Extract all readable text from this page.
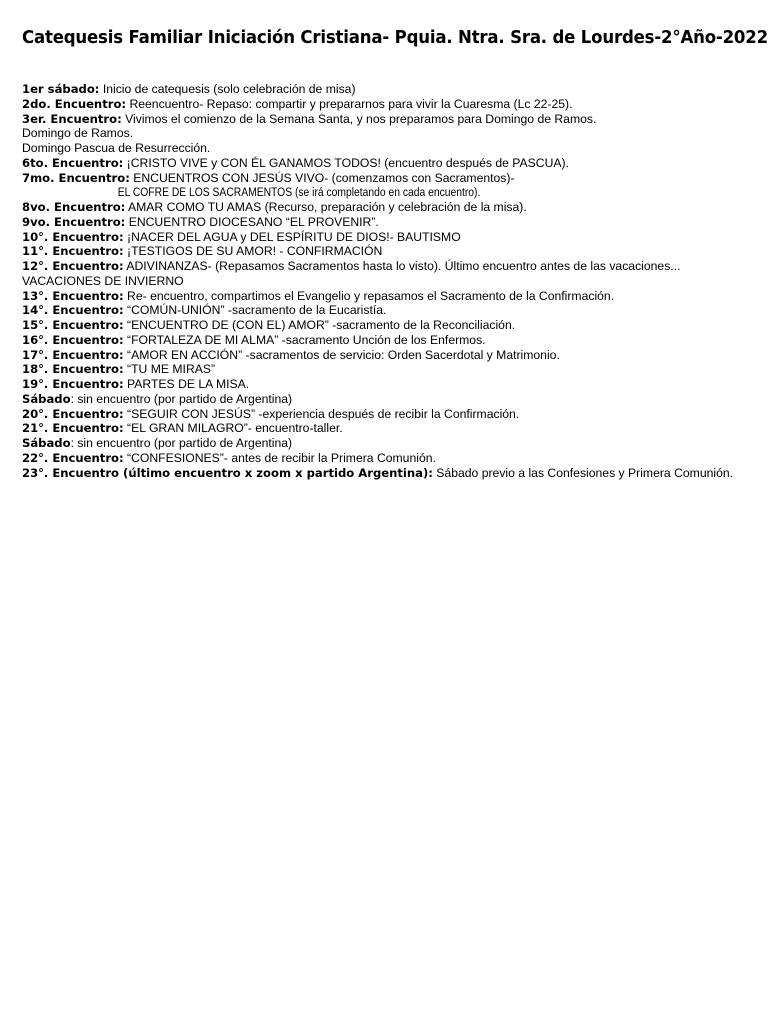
Catequesis Familiar Iniciación Cristiana- Pquia. Ntra. Sra. de Lourdes-2°Año-2022
1er sábado: Inicio de catequesis (solo celebración de misa)
2do. Encuentro: Reencuentro- Repaso: compartir y prepararnos para vivir la Cuaresma (Lc 22-25).
3er. Encuentro: Vivimos el comienzo de la Semana Santa, y nos preparamos para Domingo de Ramos.
Domingo de Ramos.
Domingo Pascua de Resurrección.
6to. Encuentro: ¡CRISTO VIVE y CON ÉL GANAMOS TODOS! (encuentro después de PASCUA).
7mo. Encuentro: ENCUENTROS CON JESÚS VIVO- (comenzamos con Sacramentos)-
EL COFRE DE LOS SACRAMENTOS (se irá completando en cada encuentro).
8vo. Encuentro: AMAR COMO TU AMAS (Recurso, preparación y celebración de la misa).
9vo. Encuentro: ENCUENTRO DIOCESANO “EL PROVENIR”.
10°. Encuentro: ¡NACER DEL AGUA y DEL ESPÍRITU DE DIOS!- BAUTISMO
11°. Encuentro: ¡TESTIGOS DE SU AMOR! - CONFIRMACIÓN
12°. Encuentro: ADIVINANZAS- (Repasamos Sacramentos hasta lo visto). Último encuentro antes de las vacaciones...
VACACIONES DE INVIERNO
13°. Encuentro: Re- encuentro, compartimos el Evangelio y repasamos el Sacramento de la Confirmación.
14°. Encuentro: “COMÚN-UNIÓN” -sacramento de la Eucaristía.
15°. Encuentro: “ENCUENTRO DE (CON EL) AMOR” -sacramento de la Reconciliación.
16°. Encuentro: “FORTALEZA DE MI ALMA” -sacramento Unción de los Enfermos.
17°. Encuentro: “AMOR EN ACCIÓN” -sacramentos de servicio: Orden Sacerdotal y Matrimonio.
18°. Encuentro: “TU ME MIRAS”
19°. Encuentro: PARTES DE LA MISA.
Sábado: sin encuentro (por partido de Argentina)
20°. Encuentro: “SEGUIR CON JESÚS” -experiencia después de recibir la Confirmación.
21°. Encuentro: “EL GRAN MILAGRO”- encuentro-taller.
Sábado: sin encuentro (por partido de Argentina)
22°. Encuentro: “CONFESIONES”- antes de recibir la Primera Comunión.
23°. Encuentro (último encuentro x zoom x partido Argentina): Sábado previo a las Confesiones y Primera Comunión.
